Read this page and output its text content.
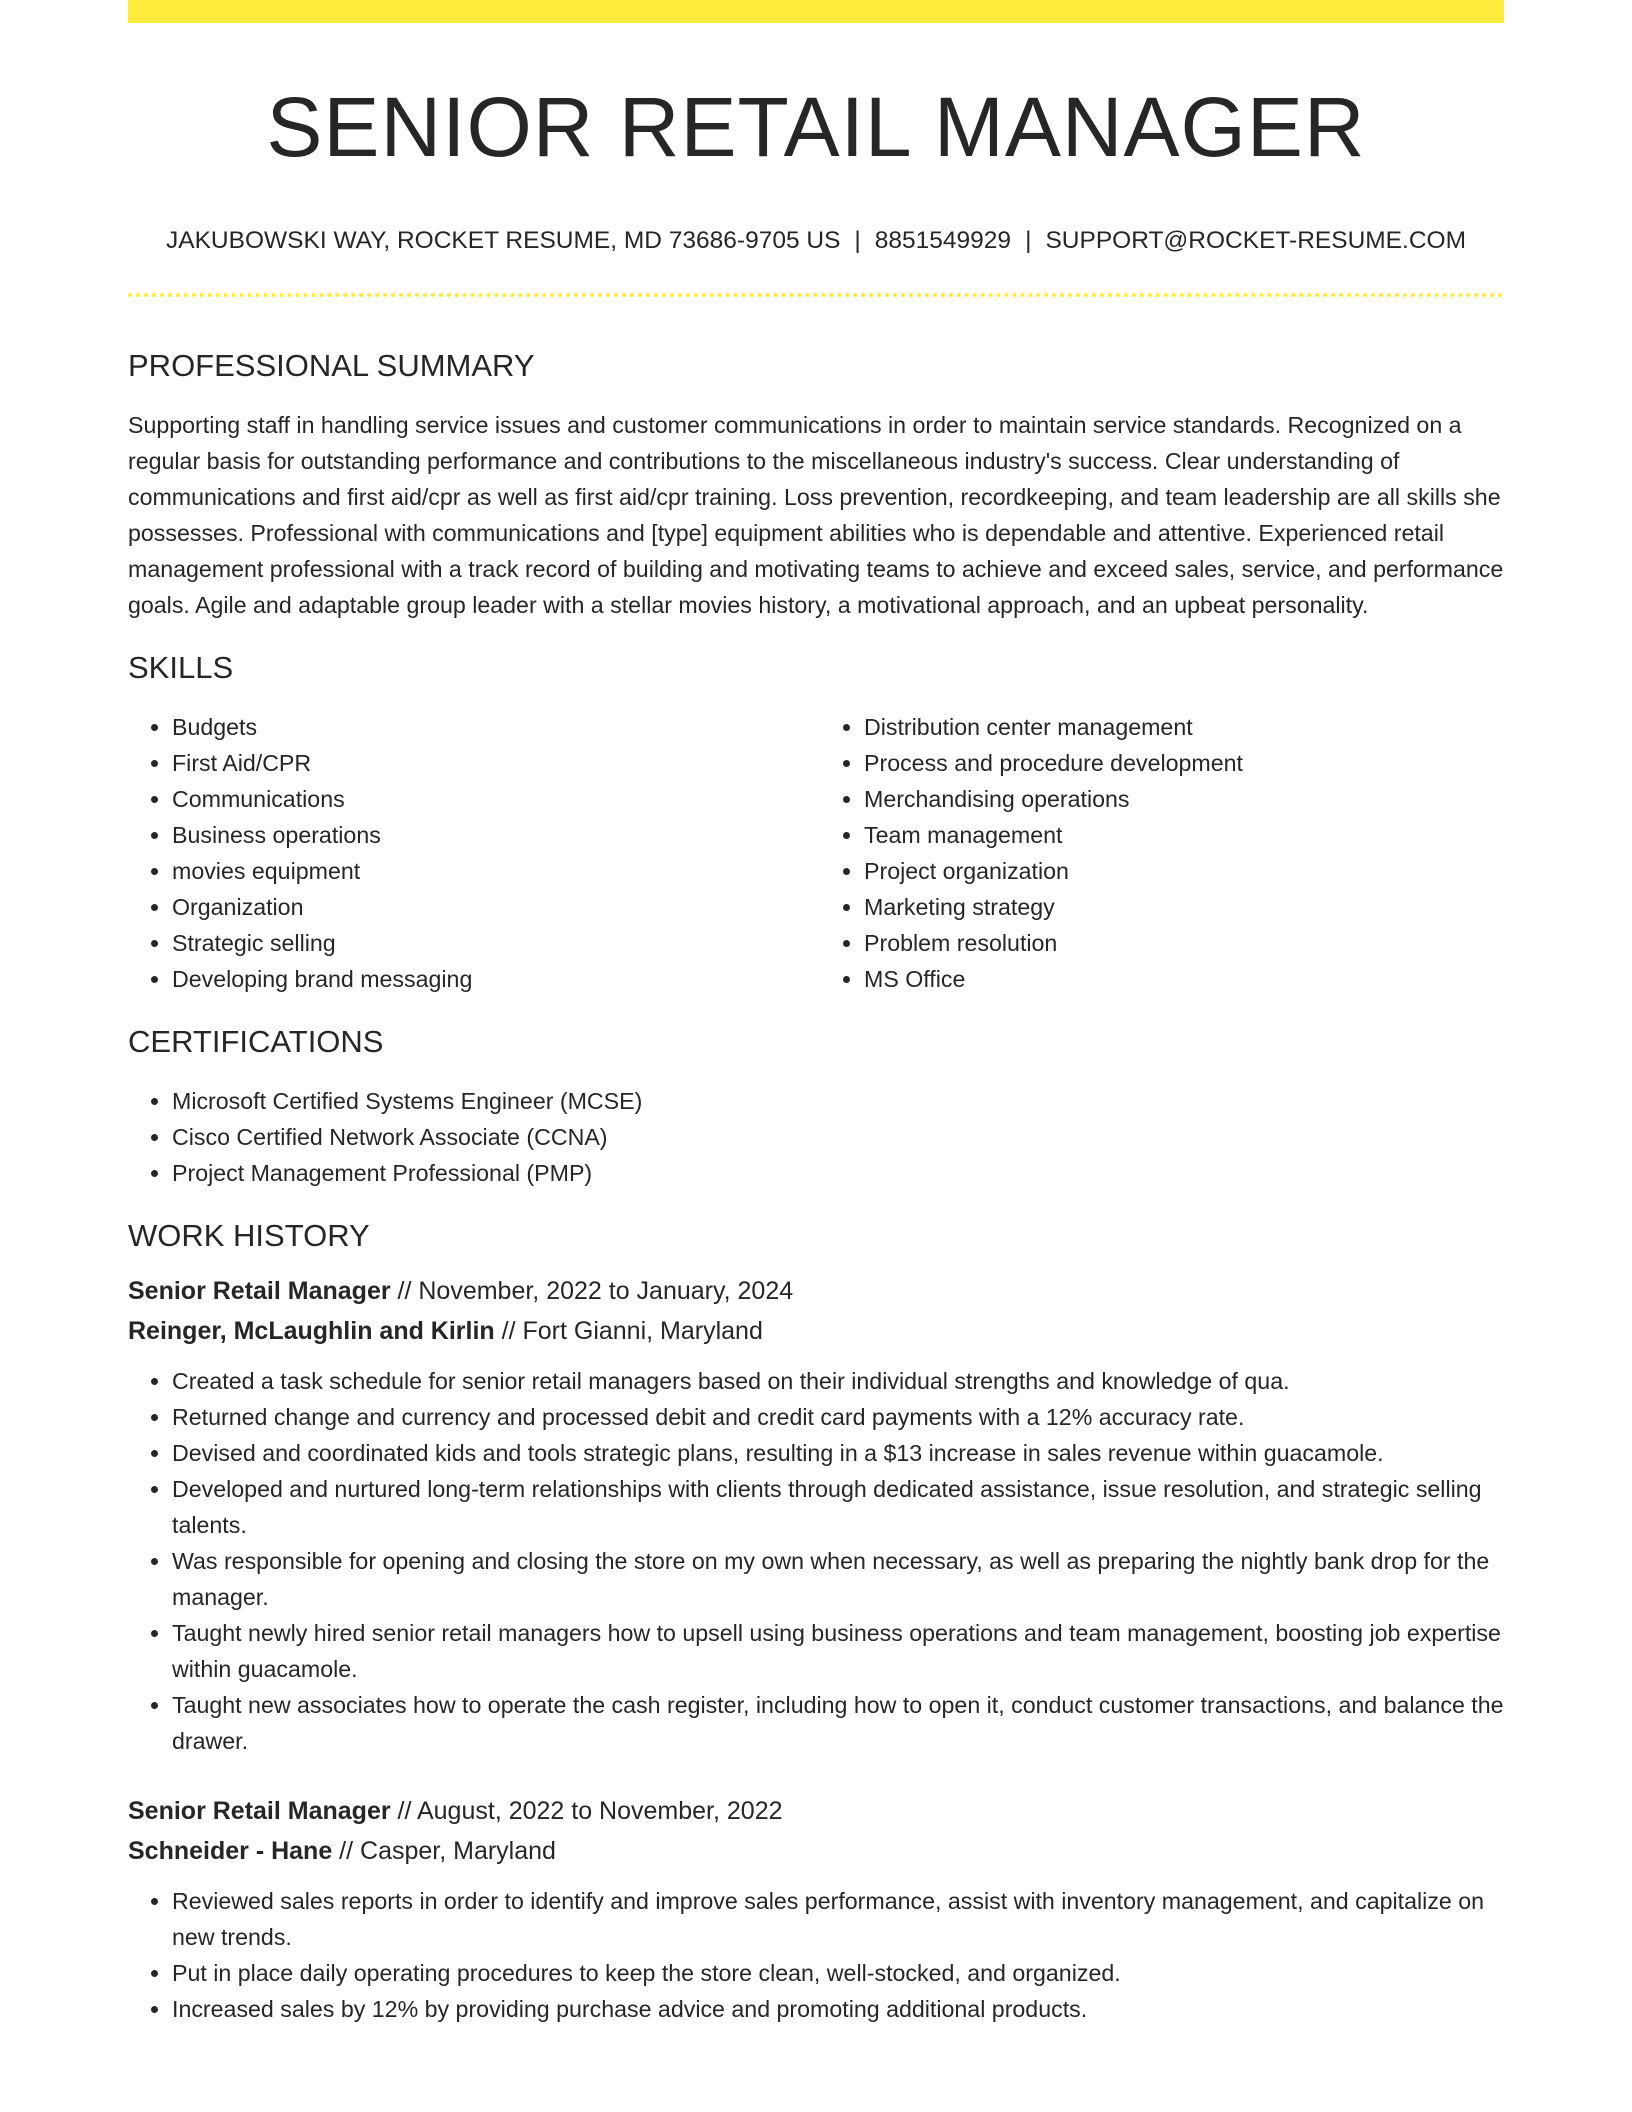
SENIOR RETAIL MANAGER
JAKUBOWSKI WAY, ROCKET RESUME, MD 73686-9705 US | 8851549929 | SUPPORT@ROCKET-RESUME.COM
PROFESSIONAL SUMMARY

Supporting staff in handling service issues and customer communications in order to maintain service standards. Recognized on a regular basis for outstanding performance and contributions to the miscellaneous industry's success. Clear understanding of communications and first aid/cpr as well as first aid/cpr training. Loss prevention, recordkeeping, and team leadership are all skills she possesses. Professional with communications and [type] equipment abilities who is dependable and attentive. Experienced retail management professional with a track record of building and motivating teams to achieve and exceed sales, service, and performance goals. Agile and adaptable group leader with a stellar movies history, a motivational approach, and an upbeat personality.

SKILLS
• Budgets
• First Aid/CPR
• Communications
• Business operations
• movies equipment
• Organization
• Strategic selling
• Developing brand messaging
• Distribution center management
• Process and procedure development
• Merchandising operations
• Team management
• Project organization
• Marketing strategy
• Problem resolution
• MS Office
CERTIFICATIONS
• Microsoft Certified Systems Engineer (MCSE)
• Cisco Certified Network Associate (CCNA)
• Project Management Professional (PMP)
WORK HISTORY
Senior Retail Manager // November, 2022 to January, 2024
Reinger, McLaughlin and Kirlin // Fort Gianni, Maryland
• Created a task schedule for senior retail managers based on their individual strengths and knowledge of qua.
• Returned change and currency and processed debit and credit card payments with a 12% accuracy rate.
• Devised and coordinated kids and tools strategic plans, resulting in a $13 increase in sales revenue within guacamole.
• Developed and nurtured long-term relationships with clients through dedicated assistance, issue resolution, and strategic selling talents.
• Was responsible for opening and closing the store on my own when necessary, as well as preparing the nightly bank drop for the manager.
• Taught newly hired senior retail managers how to upsell using business operations and team management, boosting job expertise within guacamole.
• Taught new associates how to operate the cash register, including how to open it, conduct customer transactions, and balance the drawer.
Senior Retail Manager // August, 2022 to November, 2022
Schneider - Hane // Casper, Maryland
• Reviewed sales reports in order to identify and improve sales performance, assist with inventory management, and capitalize on new trends.
• Put in place daily operating procedures to keep the store clean, well-stocked, and organized.
• Increased sales by 12% by providing purchase advice and promoting additional products.
